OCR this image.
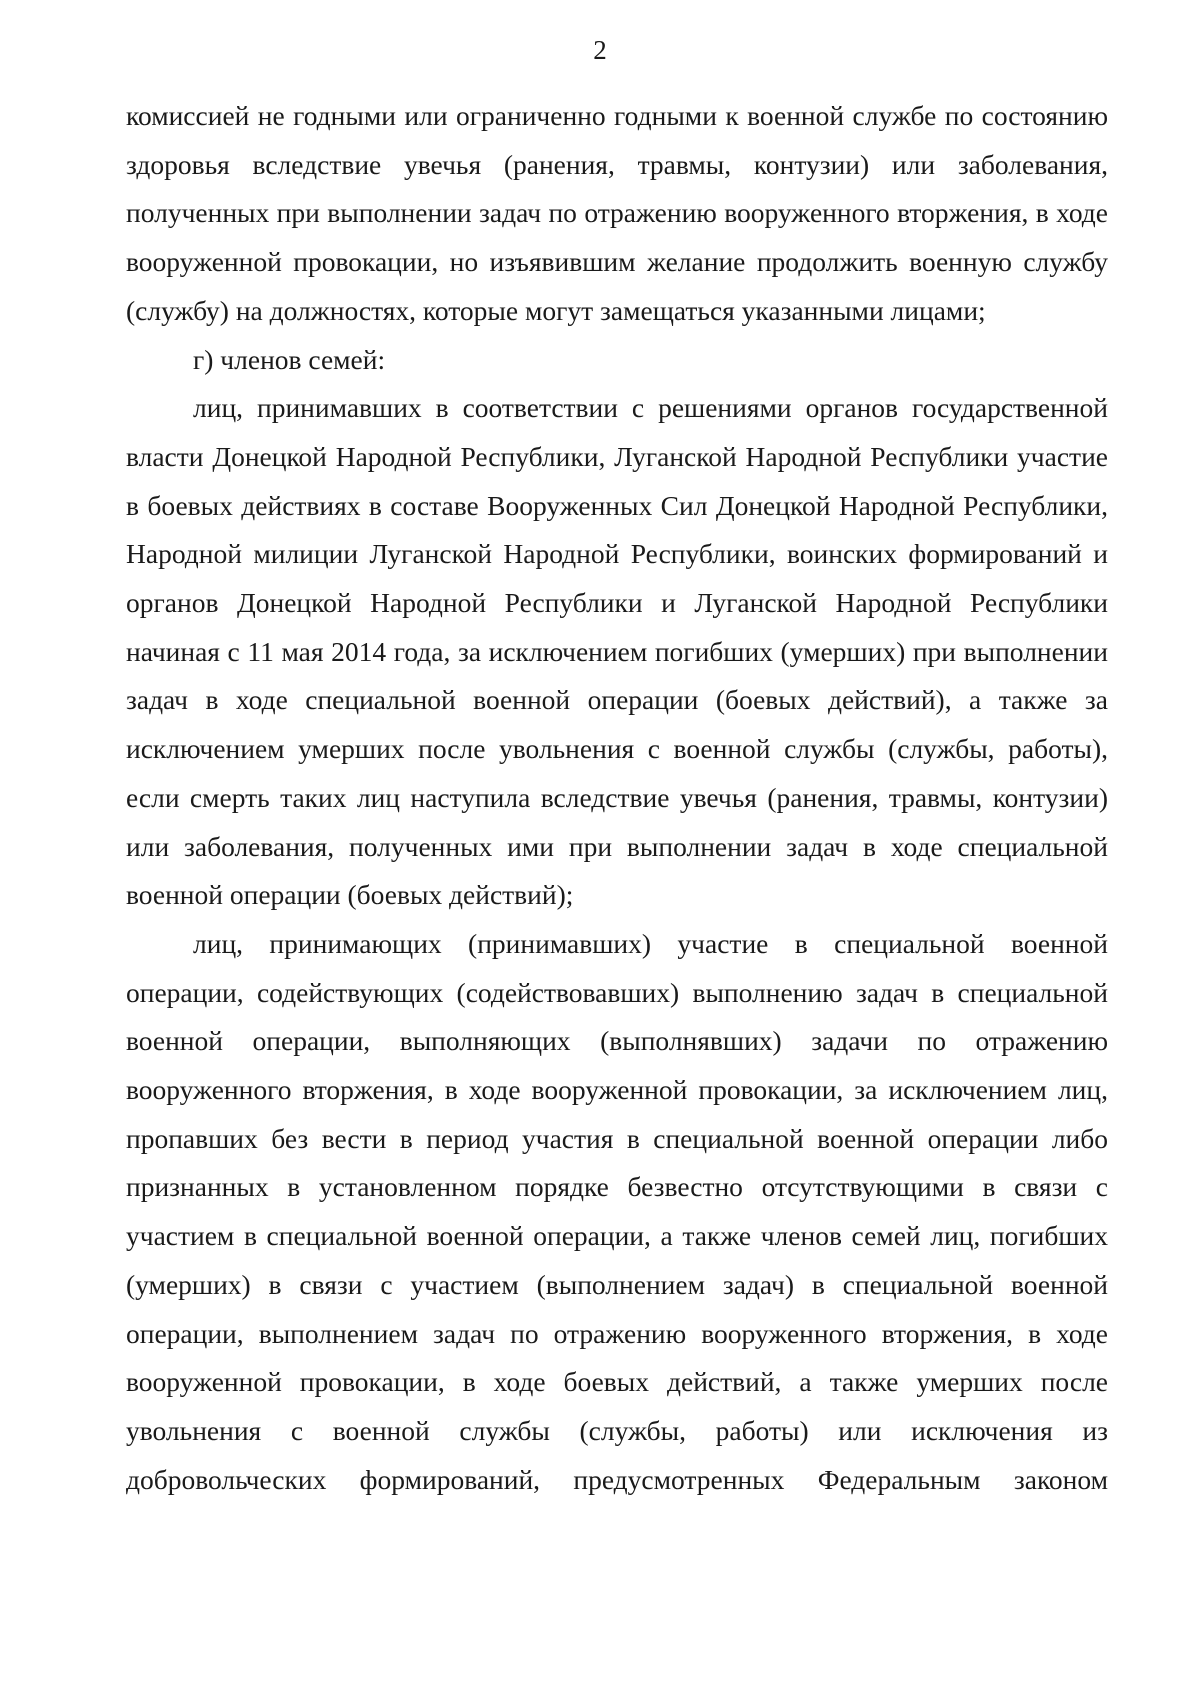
2

комиссией не годными или ограниченно годными к военной службе по состоянию здоровья вследствие увечья (ранения, травмы, контузии) или заболевания, полученных при выполнении задач по отражению вооруженного вторжения, в ходе вооруженной провокации, но изъявившим желание продолжить военную службу (службу) на должностях, которые могут замещаться указанными лицами;

г) членов семей:

лиц, принимавших в соответствии с решениями органов государственной власти Донецкой Народной Республики, Луганской Народной Республики участие в боевых действиях в составе Вооруженных Сил Донецкой Народной Республики, Народной милиции Луганской Народной Республики, воинских формирований и органов Донецкой Народной Республики и Луганской Народной Республики начиная с 11 мая 2014 года, за исключением погибших (умерших) при выполнении задач в ходе специальной военной операции (боевых действий), а также за исключением умерших после увольнения с военной службы (службы, работы), если смерть таких лиц наступила вследствие увечья (ранения, травмы, контузии) или заболевания, полученных ими при выполнении задач в ходе специальной военной операции (боевых действий);

лиц, принимающих (принимавших) участие в специальной военной операции, содействующих (содействовавших) выполнению задач в специальной военной операции, выполняющих (выполнявших) задачи по отражению вооруженного вторжения, в ходе вооруженной провокации, за исключением лиц, пропавших без вести в период участия в специальной военной операции либо признанных в установленном порядке безвестно отсутствующими в связи с участием в специальной военной операции, а также членов семей лиц, погибших (умерших) в связи с участием (выполнением задач) в специальной военной операции, выполнением задач по отражению вооруженного вторжения, в ходе вооруженной провокации, в ходе боевых действий, а также умерших после увольнения с военной службы (службы, работы) или исключения из добровольческих формирований, предусмотренных Федеральным законом
